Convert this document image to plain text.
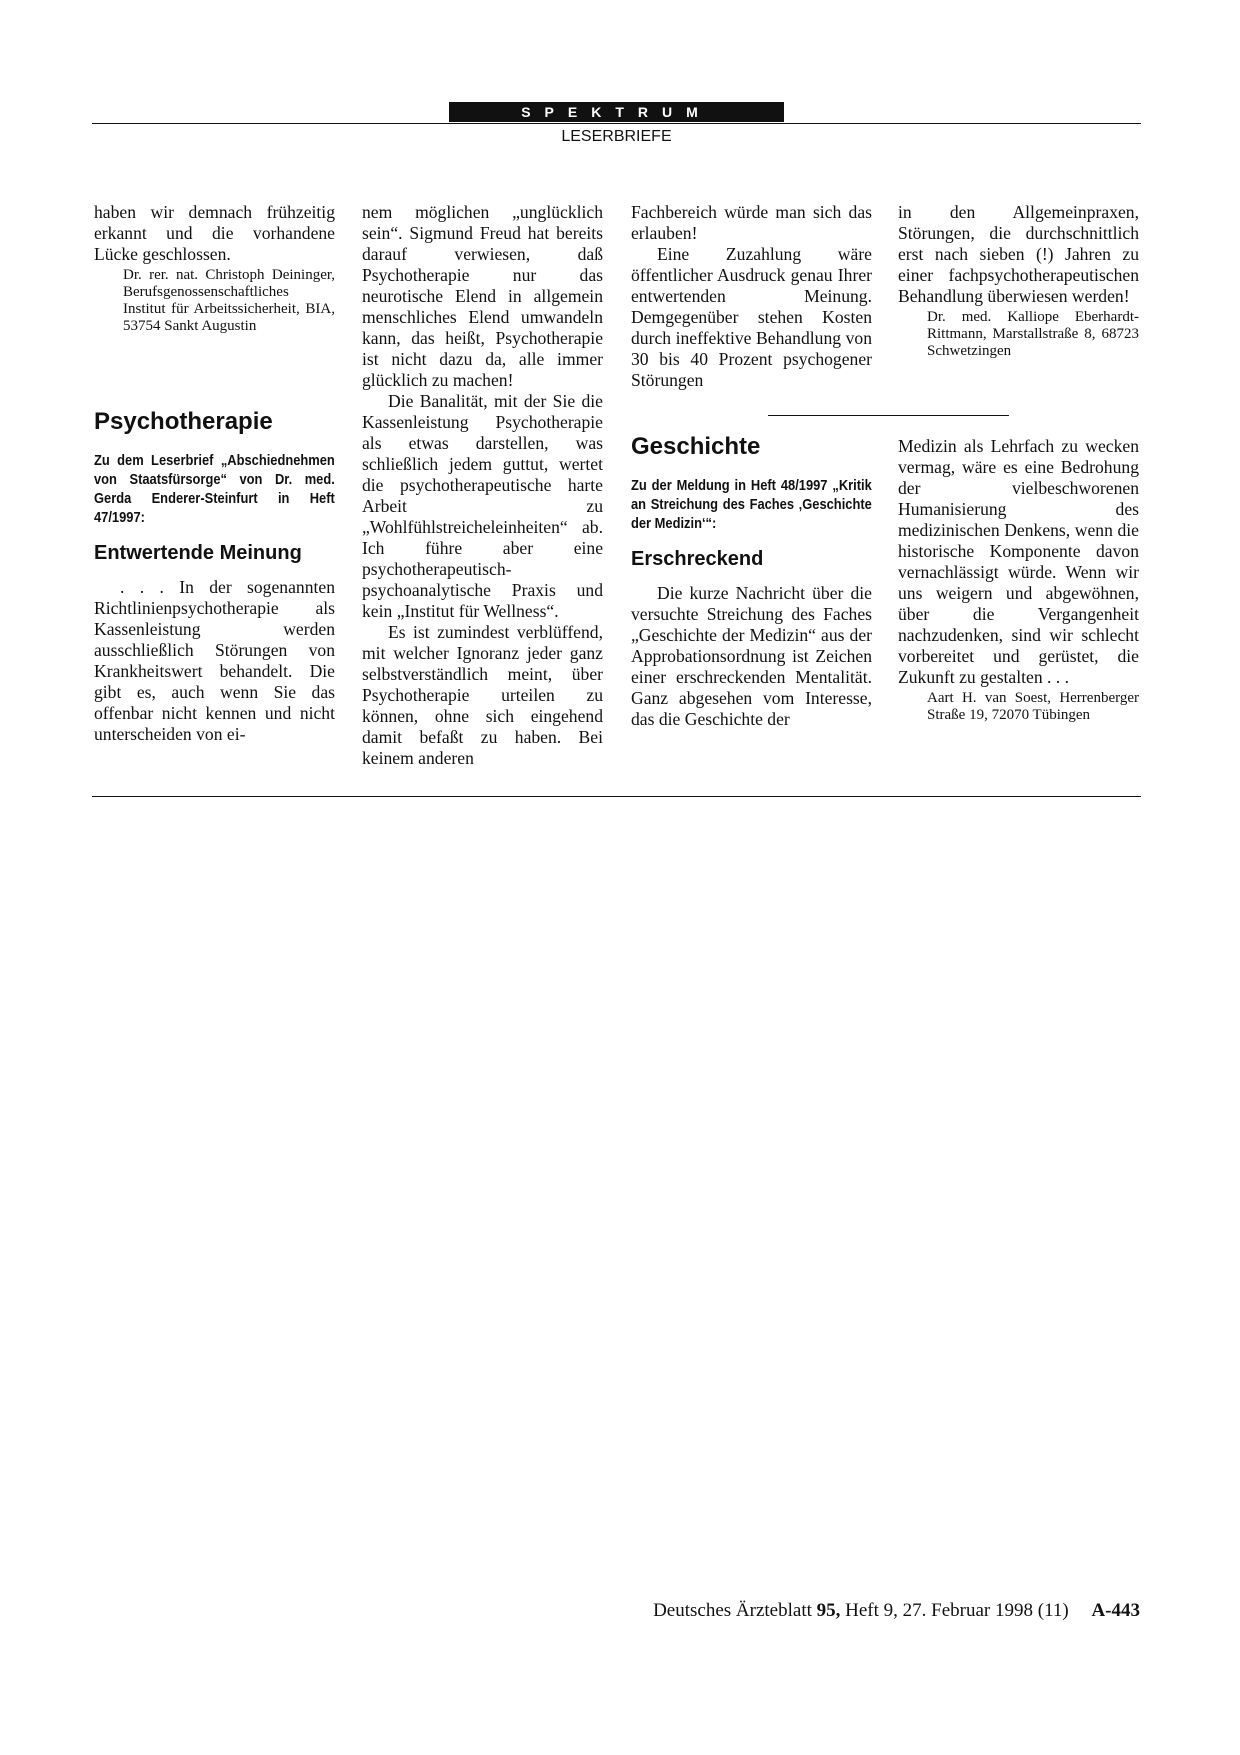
SPEKTRUM
LESERBRIEFE

haben wir demnach frühzeitig erkannt und die vorhandene Lücke geschlossen.

Dr. rer. nat. Christoph Deininger, Berufsgenossenschaftliches Institut für Arbeitssicherheit, BIA, 53754 Sankt Augustin
Psychotherapie
Zu dem Leserbrief „Abschiednehmen von Staatsfürsorge“ von Dr. med. Gerda Enderer-Steinfurt in Heft 47/1997:
Entwertende Meinung

. . . In der sogenannten Richtlinienpsychotherapie als Kassenleistung werden ausschließlich Störungen von Krankheitswert behandelt. Die gibt es, auch wenn Sie das offenbar nicht kennen und nicht unterscheiden von ei-

nem möglichen „unglücklich sein“. Sigmund Freud hat bereits darauf verwiesen, daß Psychotherapie nur das neurotische Elend in allgemein menschliches Elend umwandeln kann, das heißt, Psychotherapie ist nicht dazu da, alle immer glücklich zu machen!

Die Banalität, mit der Sie die Kassenleistung Psychotherapie als etwas darstellen, was schließlich jedem guttut, wertet die psychotherapeutische harte Arbeit zu „Wohlfühlstreicheleinheiten“ ab. Ich führe aber eine psychotherapeutisch-psychoanalytische Praxis und kein „Institut für Wellness“.

Es ist zumindest verblüffend, mit welcher Ignoranz jeder ganz selbstverständlich meint, über Psychotherapie urteilen zu können, ohne sich eingehend damit befaßt zu haben. Bei keinem anderen

Fachbereich würde man sich das erlauben!

Eine Zuzahlung wäre öffentlicher Ausdruck genau Ihrer entwertenden Meinung. Demgegenüber stehen Kosten durch ineffektive Behandlung von 30 bis 40 Prozent psychogener Störungen

Geschichte
Zu der Meldung in Heft 48/1997 „Kritik an Streichung des Faches ‚Geschichte der Medizin‘“:
Erschreckend

Die kurze Nachricht über die versuchte Streichung des Faches „Geschichte der Medizin“ aus der Approbationsordnung ist Zeichen einer erschreckenden Mentalität. Ganz abgesehen vom Interesse, das die Geschichte der

in den Allgemeinpraxen, Störungen, die durchschnittlich erst nach sieben (!) Jahren zu einer fachpsychotherapeutischen Behandlung überwiesen werden!

Dr. med. Kalliope Eberhardt-Rittmann, Marstallstraße 8, 68723 Schwetzingen

Medizin als Lehrfach zu wecken vermag, wäre es eine Bedrohung der vielbeschworenen Humanisierung des medizinischen Denkens, wenn die historische Komponente davon vernachlässigt würde. Wenn wir uns weigern und abgewöhnen, über die Vergangenheit nachzudenken, sind wir schlecht vorbereitet und gerüstet, die Zukunft zu gestalten . . .

Aart H. van Soest, Herrenberger Straße 19, 72070 Tübingen
Deutsches Ärzteblatt 95, Heft 9, 27. Februar 1998 (11) A-443
